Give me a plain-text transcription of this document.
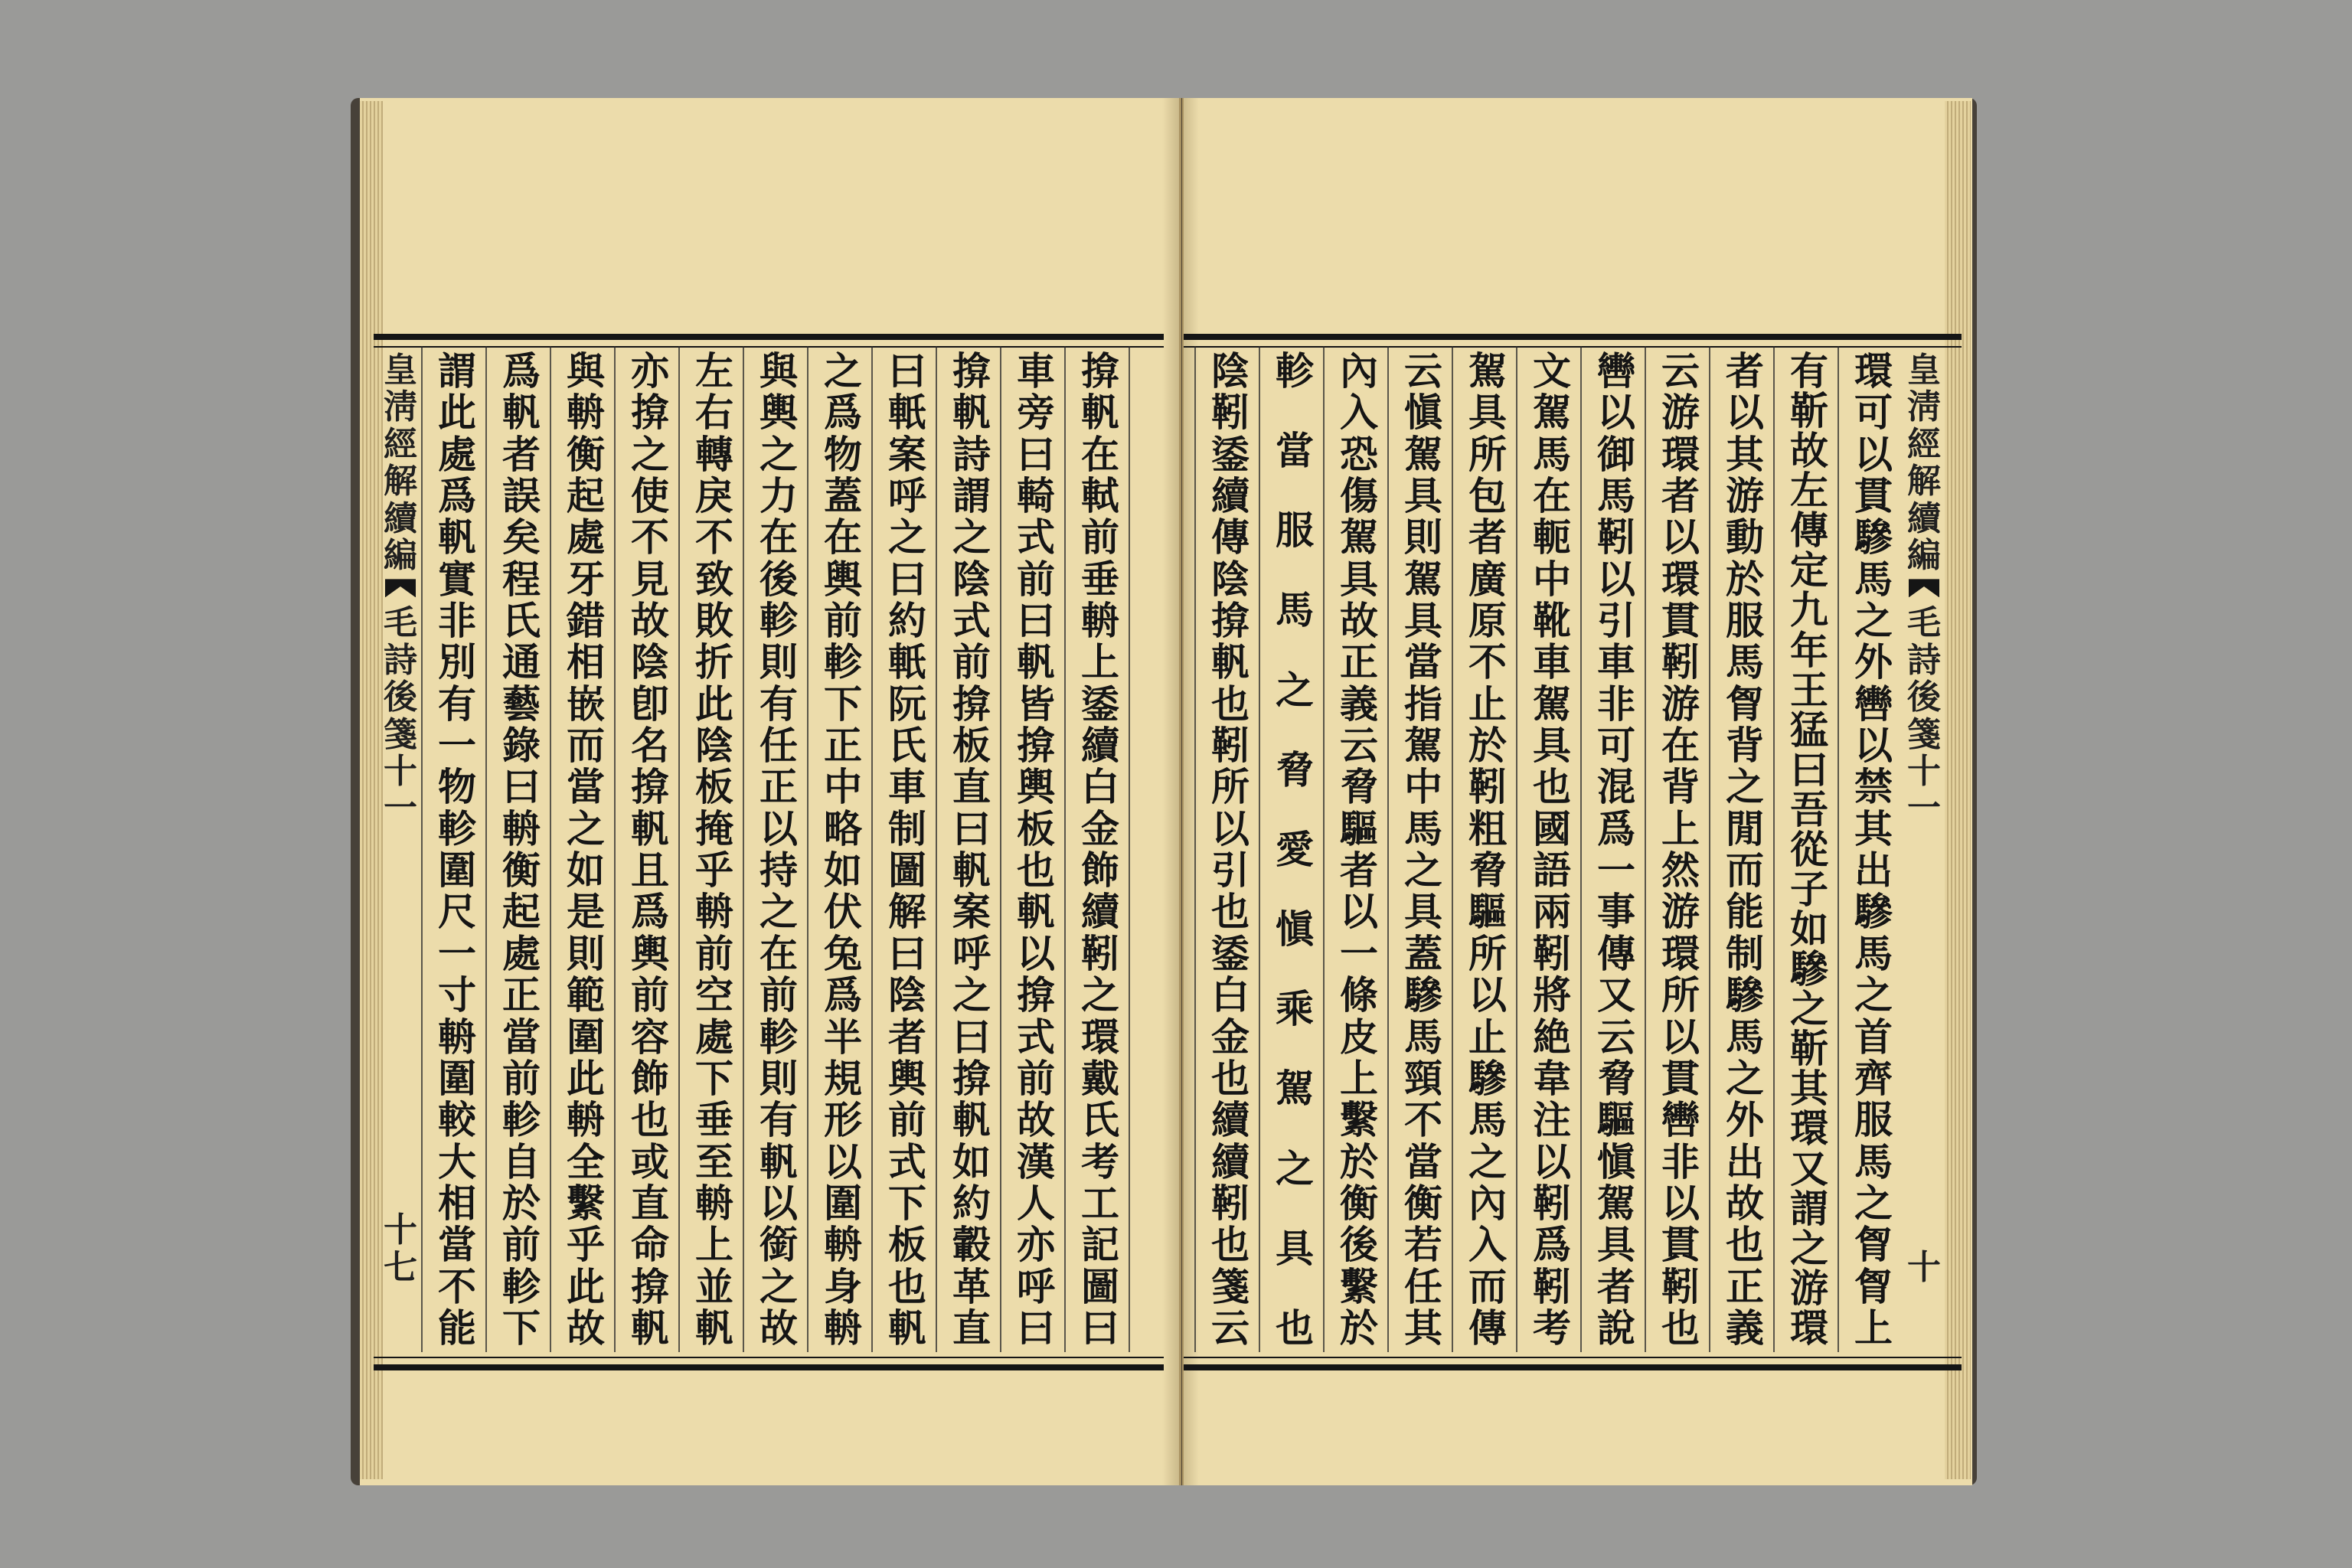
皇
淸
經
解
續
編
毛
詩
後
箋
十
一
十
七
皇
淸
經
解
續
編
毛
詩
後
箋
十
一
十
謂
此
處
爲
軓
實
非
別
有
一
物
軫
圍
尺
一
寸
輈
圍
較
大
相
當
不
能
爲
軓
者
誤
矣
程
氏
通
藝
錄
曰
輈
衡
起
處
正
當
前
軫
自
於
前
軫
下
與
輈
衡
起
處
牙
錯
相
嵌
而
當
之
如
是
則
範
圍
此
輈
全
繫
乎
此
故
亦
揜
之
使
不
見
故
陰
卽
名
揜
軓
且
爲
輿
前
容
飾
也
或
直
命
揜
軓
左
右
轉
戾
不
致
敗
折
此
陰
板
掩
乎
輈
前
空
處
下
垂
至
輈
上
並
軓
與
輿
之
力
在
後
軫
則
有
任
正
以
持
之
在
前
軫
則
有
軓
以
銜
之
故
之
爲
物
蓋
在
輿
前
軫
下
正
中
略
如
伏
兔
爲
半
規
形
以
圍
輈
身
輈
曰
軝
案
呼
之
曰
約
軝
阮
氏
車
制
圖
解
曰
陰
者
輿
前
式
下
板
也
軓
揜
軓
詩
謂
之
陰
式
前
揜
板
直
曰
軓
案
呼
之
曰
揜
軓
如
約
轂
革
直
車
旁
曰
輢
式
前
曰
軓
皆
揜
輿
板
也
軓
以
揜
式
前
故
漢
人
亦
呼
曰
揜
軓
在
軾
前
垂
輈
上
鋈
續
白
金
飾
續
靷
之
環
戴
氏
考
工
記
圖
曰
環
可
以
貫
驂
馬
之
外
轡
以
禁
其
出
驂
馬
之
首
齊
服
馬
之
胷
胷
上
有
靳
故
左
傳
定
九
年
王
猛
曰
吾
從
子
如
驂
之
靳
其
環
又
謂
之
游
環
者
以
其
游
動
於
服
馬
胷
背
之
閒
而
能
制
驂
馬
之
外
出
故
也
正
義
云
游
環
者
以
環
貫
靷
游
在
背
上
然
游
環
所
以
貫
轡
非
以
貫
靷
也
轡
以
御
馬
靷
以
引
車
非
可
混
爲
一
事
傳
又
云
脅
驅
愼
駕
具
者
說
文
駕
馬
在
軛
中
靴
車
駕
具
也
國
語
兩
靷
將
絶
韋
注
以
靷
爲
靷
考
駕
具
所
包
者
廣
原
不
止
於
靷
粗
脅
驅
所
以
止
驂
馬
之
內
入
而
傳
云
愼
駕
具
則
駕
具
當
指
駕
中
馬
之
具
蓋
驂
馬
頸
不
當
衡
若
任
其
內
入
恐
傷
駕
具
故
正
義
云
脅
驅
者
以
一
條
皮
上
繫
於
衡
後
繫
於
軫
當
服
馬
之
脅
愛
愼
乘
駕
之
具
也
陰
靷
鋈
續
傳
陰
揜
軓
也
靷
所
以
引
也
鋈
白
金
也
續
續
靷
也
箋
云
